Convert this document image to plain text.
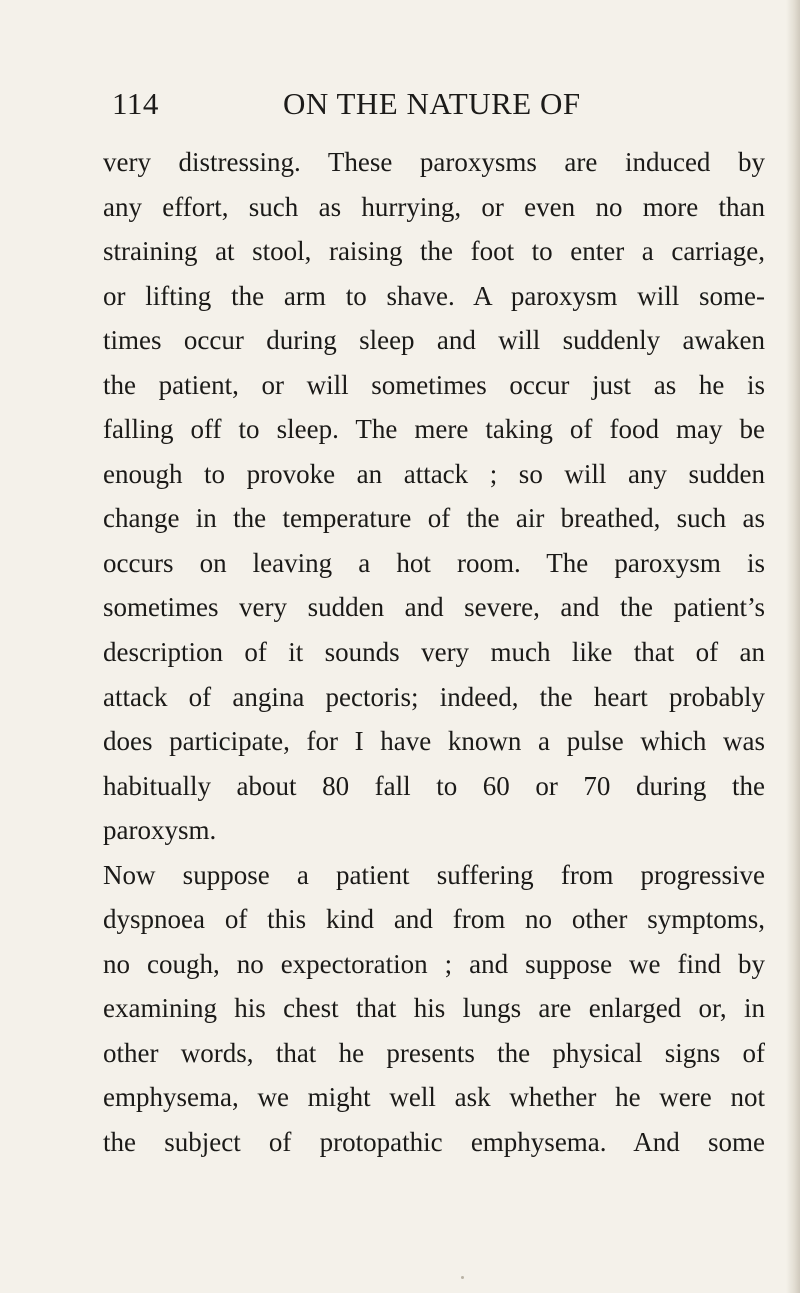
114	ON THE NATURE OF
very distressing. These paroxysms are induced by
any effort, such as hurrying, or even no more than
straining at stool, raising the foot to enter a carriage,
or lifting the arm to shave. A paroxysm will some-
times occur during sleep and will suddenly awaken
the patient, or will sometimes occur just as he is
falling off to sleep. The mere taking of food may be
enough to provoke an attack ; so will any sudden
change in the temperature of the air breathed, such as
occurs on leaving a hot room. The paroxysm is
sometimes very sudden and severe, and the patient’s
description of it sounds very much like that of an
attack of angina pectoris; indeed, the heart probably
does participate, for I have known a pulse which was
habitually about 80 fall to 60 or 70 during the
paroxysm.
Now suppose a patient suffering from progressive
dyspnoea of this kind and from no other symptoms,
no cough, no expectoration ; and suppose we find by
examining his chest that his lungs are enlarged or, in
other words, that he presents the physical signs of
emphysema, we might well ask whether he were not
the subject of protopathic emphysema. And some
